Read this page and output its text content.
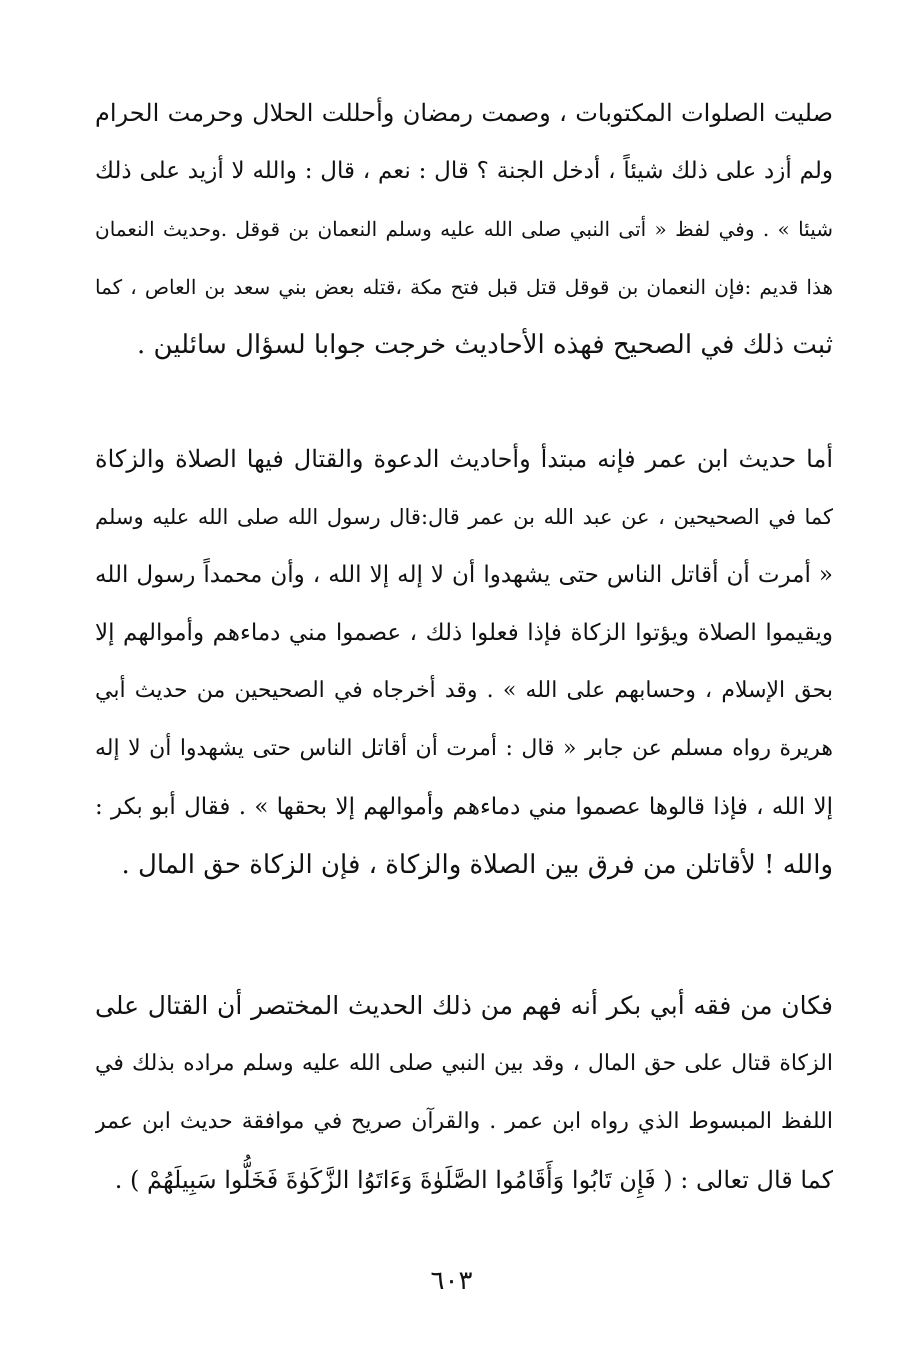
صليت الصلوات المكتوبات ، وصمت رمضان وأحللت الحلال وحرمت الحرام
ولم أزد على ذلك شيئاً ، أدخل الجنة ؟ قال : نعم ، قال : والله لا أزيد على ذلك
شيئا » . وفي لفظ « أتى النبي صلى الله عليه وسلم النعمان بن قوقل .وحديث النعمان
هذا قديم :فإن النعمان بن قوقل قتل قبل فتح مكة ،قتله بعض بني سعد بن العاص ، كما
ثبت ذلك في الصحيح فهذه الأحاديث خرجت جوابا لسؤال سائلين .
أما حديث ابن عمر فإنه مبتدأ وأحاديث الدعوة والقتال فيها الصلاة والزكاة
كما في الصحيحين ، عن عبد الله بن عمر قال:قال رسول الله صلى الله عليه وسلم
« أمرت أن أقاتل الناس حتى يشهدوا أن لا إله إلا الله ، وأن محمداً رسول الله
ويقيموا الصلاة ويؤتوا الزكاة فإذا فعلوا ذلك ، عصموا مني دماءهم وأموالهم إلا
بحق الإسلام ، وحسابهم على الله » . وقد أخرجاه في الصحيحين من حديث أبي
هريرة رواه مسلم عن جابر « قال : أمرت أن أقاتل الناس حتى يشهدوا أن لا إله
إلا الله ، فإذا قالوها عصموا مني دماءهم وأموالهم إلا بحقها » . فقال أبو بكر :
والله ! لأقاتلن من فرق بين الصلاة والزكاة ، فإن الزكاة حق المال .
فكان من فقه أبي بكر أنه فهم من ذلك الحديث المختصر أن القتال على
الزكاة قتال على حق المال ، وقد بين النبي صلى الله عليه وسلم مراده بذلك في
اللفظ المبسوط الذي رواه ابن عمر . والقرآن صريح في موافقة حديث ابن عمر
كما قال تعالى : ( فَإِن تَابُوا وَأَقَامُوا الصَّلَوٰةَ وَءَاتَوُا الزَّكَوٰةَ فَخَلُّوا سَبِيلَهُمْ ) .
٦٠٣
